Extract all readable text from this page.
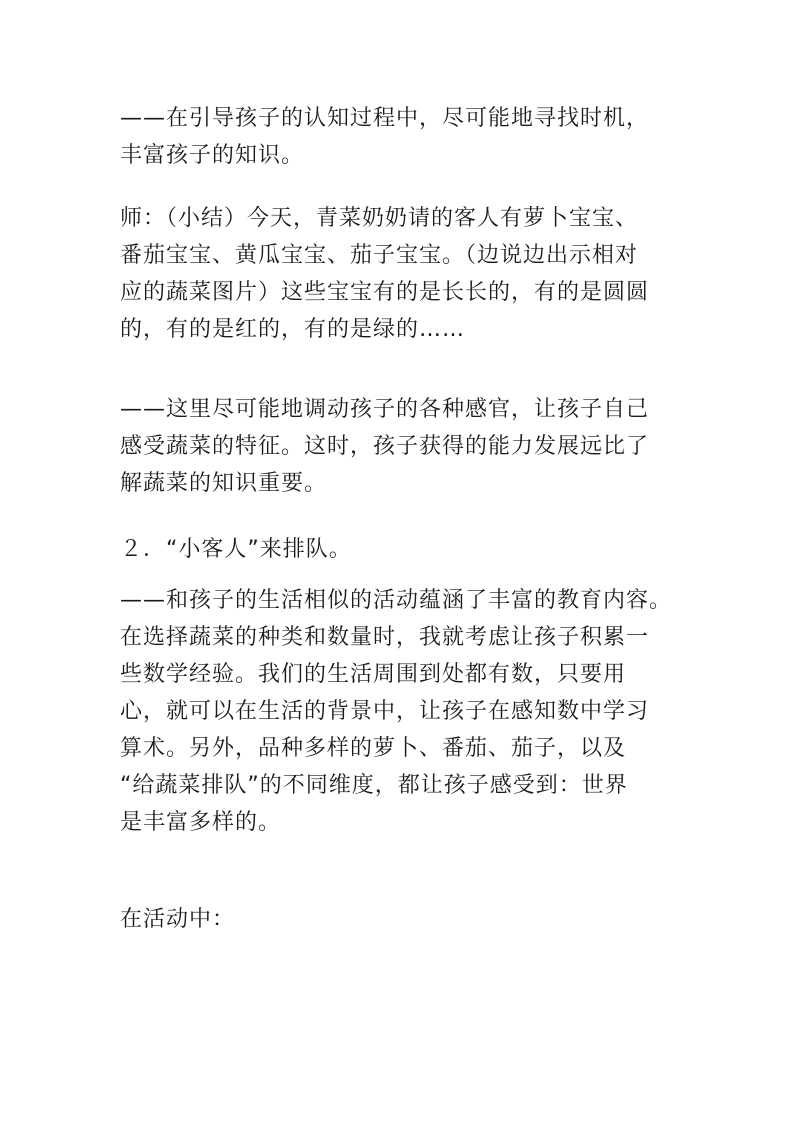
——在引导孩子的认知过程中，尽可能地寻找时机，
丰富孩子的知识。

师：（小结）今天，青菜奶奶请的客人有萝卜宝宝、
番茄宝宝、黄瓜宝宝、茄子宝宝。（边说边出示相对
应的蔬菜图片）这些宝宝有的是长长的，有的是圆圆
的，有的是红的，有的是绿的……

——这里尽可能地调动孩子的各种感官，让孩子自己
感受蔬菜的特征。这时，孩子获得的能力发展远比了
解蔬菜的知识重要。

２．“小客人”来排队。

——和孩子的生活相似的活动蕴涵了丰富的教育内容。
在选择蔬菜的种类和数量时，我就考虑让孩子积累一
些数学经验。我们的生活周围到处都有数，只要用
心，就可以在生活的背景中，让孩子在感知数中学习
算术。另外，品种多样的萝卜、番茄、茄子，以及
“给蔬菜排队”的不同维度，都让孩子感受到：世界
是丰富多样的。

在活动中：
